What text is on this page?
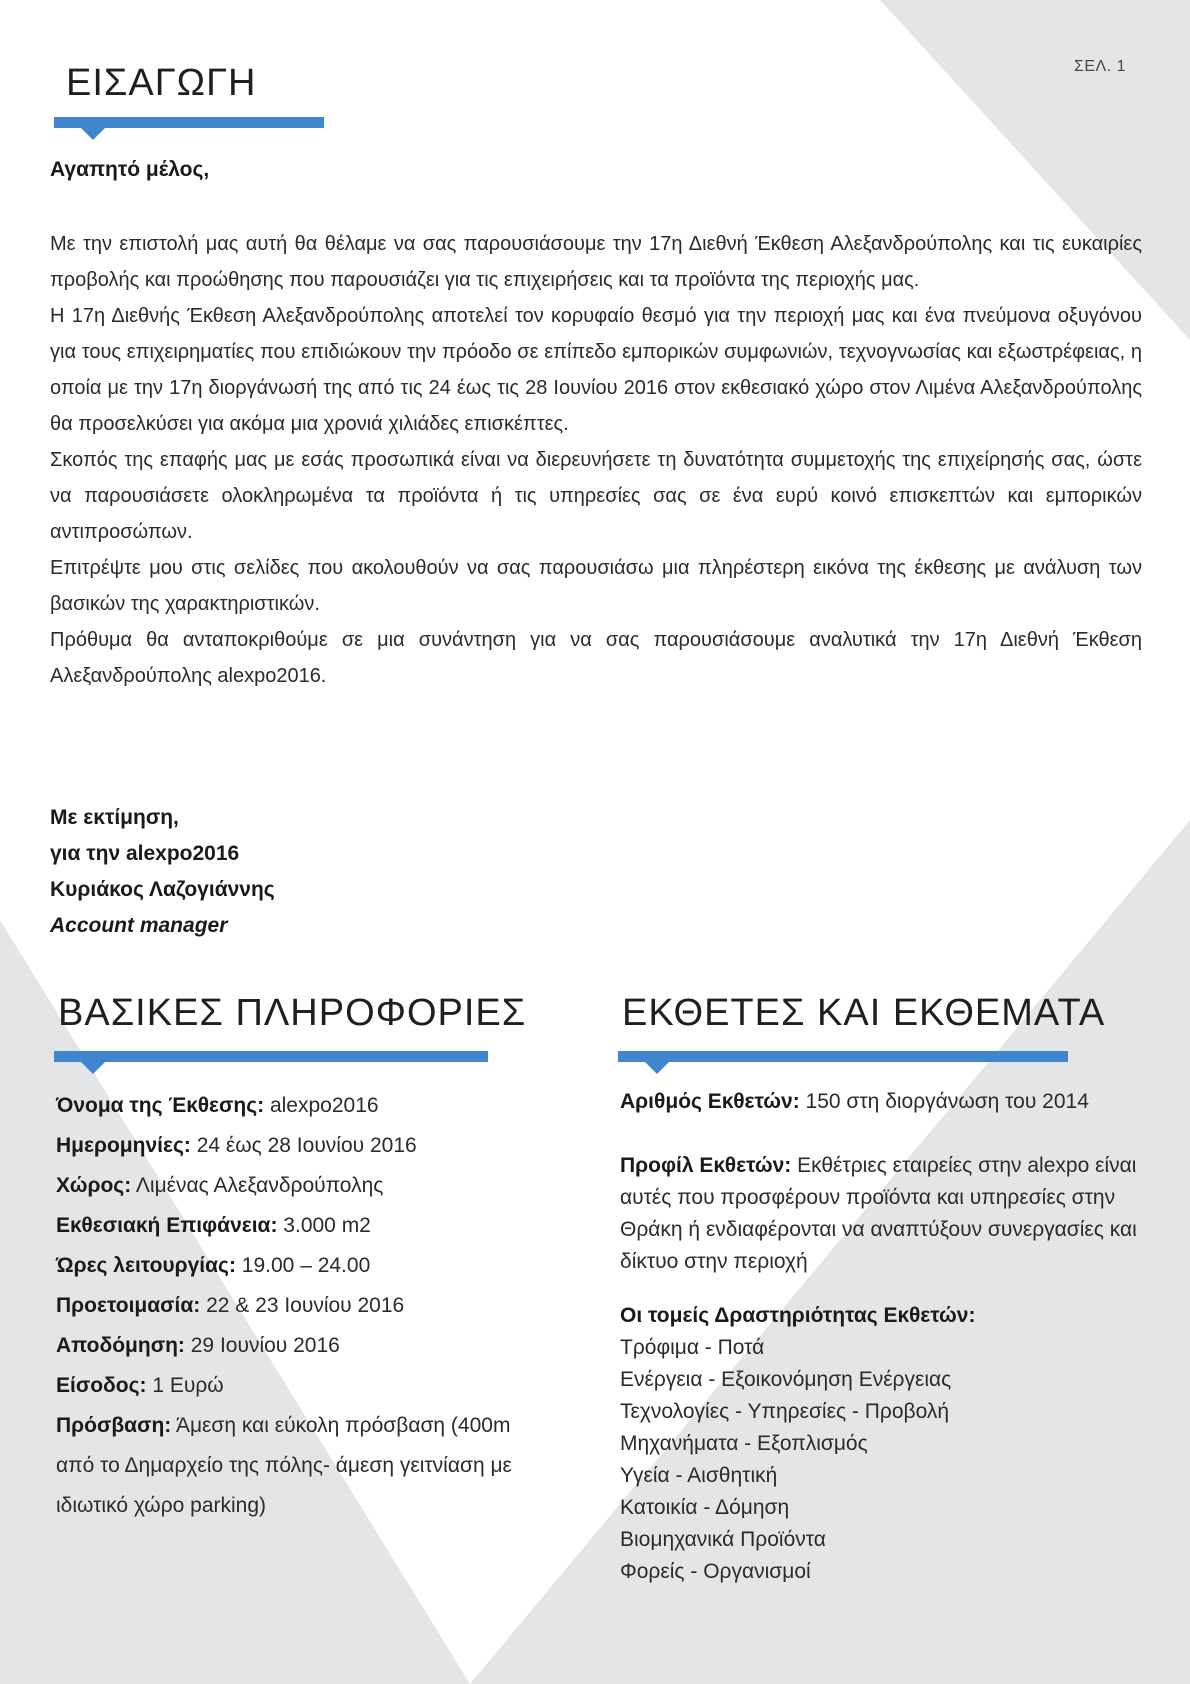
ΣΕΛ. 1
ΕΙΣΑΓΩΓΗ
Αγαπητό μέλος,

Με την επιστολή μας αυτή θα θέλαμε να σας παρουσιάσουμε την 17η Διεθνή Έκθεση Αλεξανδρούπολης και τις ευκαιρίες προβολής και προώθησης που παρουσιάζει για τις επιχειρήσεις και τα προϊόντα της περιοχής μας.

Η 17η Διεθνής Έκθεση Αλεξανδρούπολης αποτελεί τον κορυφαίο θεσμό για την περιοχή μας και ένα πνεύμονα οξυγόνου για τους επιχειρηματίες που επιδιώκουν την πρόοδο σε επίπεδο εμπορικών συμφωνιών, τεχνογνωσίας και εξωστρέφειας, η οποία με την 17η διοργάνωσή της από τις 24 έως τις 28 Ιουνίου 2016 στον εκθεσιακό χώρο στον Λιμένα Αλεξανδρούπολης θα προσελκύσει για ακόμα μια χρονιά χιλιάδες επισκέπτες.

Σκοπός της επαφής μας με εσάς προσωπικά είναι να διερευνήσετε τη δυνατότητα συμμετοχής της επιχείρησής σας, ώστε να παρουσιάσετε ολοκληρωμένα τα προϊόντα ή τις υπηρεσίες σας σε ένα ευρύ κοινό επισκεπτών και εμπορικών αντιπροσώπων.

Επιτρέψτε μου στις σελίδες που ακολουθούν να σας παρουσιάσω μια πληρέστερη εικόνα της έκθεσης με ανάλυση των βασικών της χαρακτηριστικών.

Πρόθυμα θα ανταποκριθούμε σε μια συνάντηση για να σας παρουσιάσουμε αναλυτικά την 17η Διεθνή Έκθεση Αλεξανδρούπολης alexpo2016.

Με εκτίμηση,
για την alexpo2016
Κυριάκος Λαζογιάννης
Account manager
ΒΑΣΙΚΕΣ ΠΛΗΡΟΦΟΡΙΕΣ
Όνομα της Έκθεσης: alexpo2016
Ημερομηνίες: 24 έως 28 Ιουνίου 2016
Χώρος: Λιμένας Αλεξανδρούπολης
Εκθεσιακή Επιφάνεια: 3.000 m2
Ώρες λειτουργίας: 19.00 – 24.00
Προετοιμασία: 22 & 23 Ιουνίου 2016
Αποδόμηση: 29 Ιουνίου 2016
Είσοδος: 1 Ευρώ
Πρόσβαση: Άμεση και εύκολη πρόσβαση (400m από το Δημαρχείο της πόλης- άμεση γειτνίαση με ιδιωτικό χώρο parking)
ΕΚΘΕΤΕΣ ΚΑΙ ΕΚΘΕΜΑΤΑ
Αριθμός Εκθετών: 150 στη διοργάνωση του 2014
Προφίλ Εκθετών: Εκθέτριες εταιρείες στην alexpo είναι αυτές που προσφέρουν προϊόντα και υπηρεσίες στην Θράκη ή ενδιαφέρονται να αναπτύξουν συνεργασίες και δίκτυο στην περιοχή
Οι τομείς Δραστηριότητας Εκθετών:
Τρόφιμα - Ποτά
Ενέργεια - Εξοικονόμηση Ενέργειας
Τεχνολογίες - Υπηρεσίες - Προβολή
Μηχανήματα - Εξοπλισμός
Υγεία - Αισθητική
Κατοικία - Δόμηση
Βιομηχανικά Προϊόντα
Φορείς - Οργανισμοί
